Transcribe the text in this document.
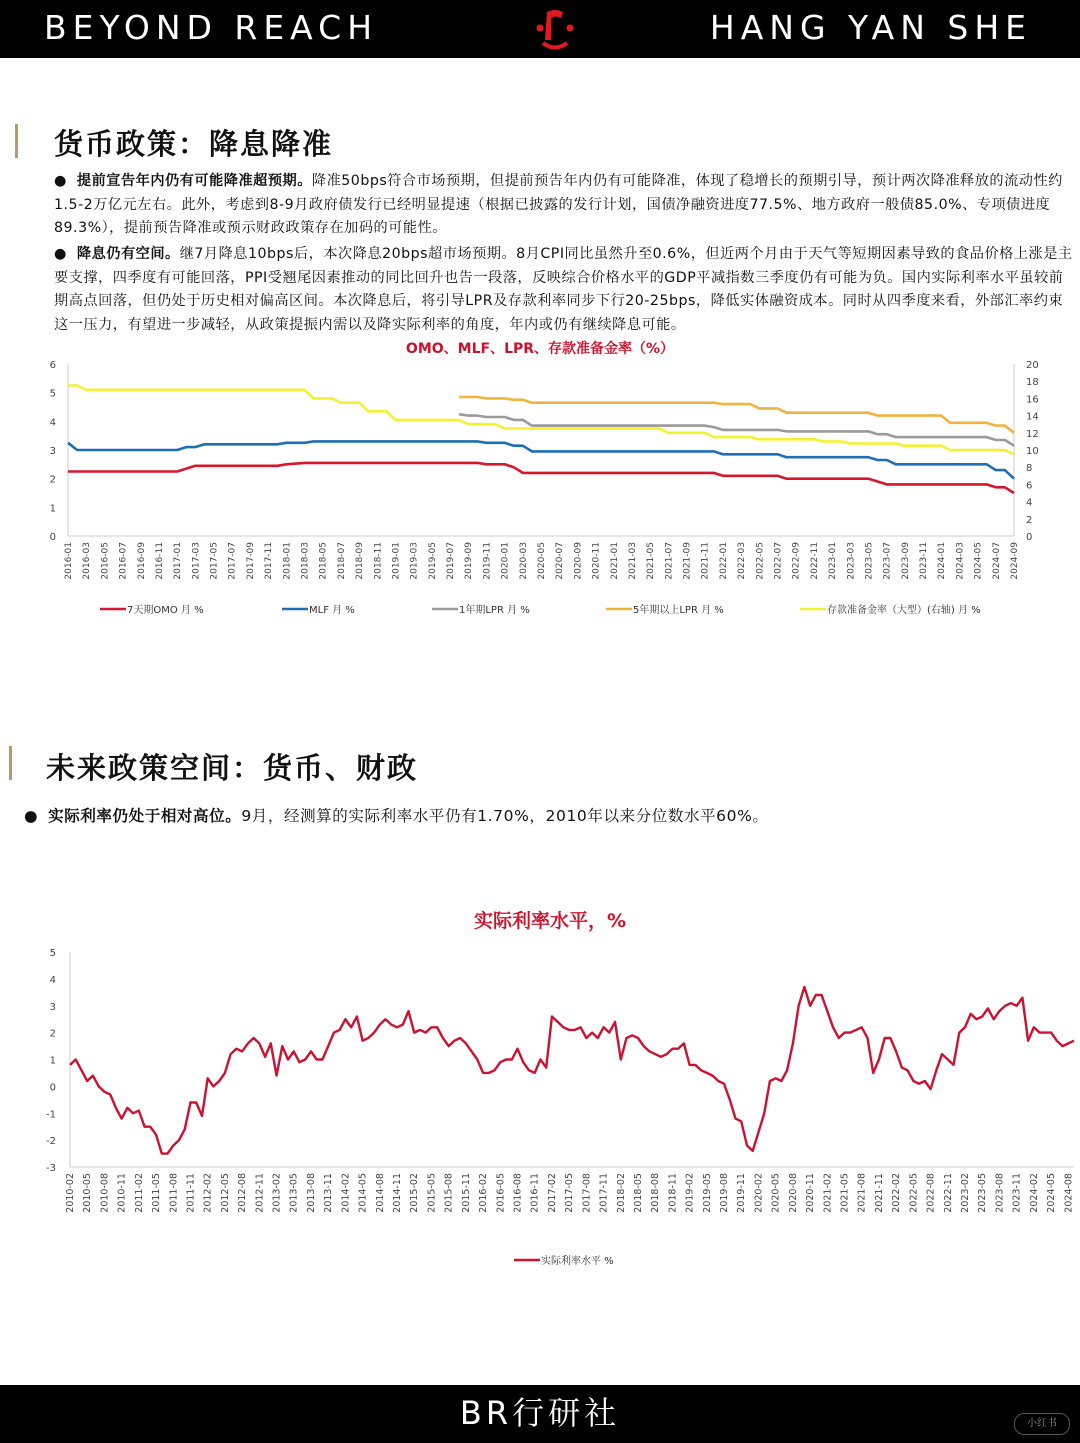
BEYOND REACH	HANG YAN SHE
货币政策：降息降准

● 提前宣告年内仍有可能降准超预期。降准50bps符合市场预期，但提前预告年内仍有可能降准，体现了稳增长的预期引导，预计两次降准释放的流动性约1.5-2万亿元左右。此外，考虑到8-9月政府债发行已经明显提速（根据已披露的发行计划，国债净融资进度77.5%、地方政府一般债85.0%、专项债进度89.3%），提前预告降准或预示财政政策存在加码的可能性。

● 降息仍有空间。继7月降息10bps后，本次降息20bps超市场预期。8月CPI同比虽然升至0.6%，但近两个月由于天气等短期因素导致的食品价格上涨是主要支撑，四季度有可能回落，PPI受翘尾因素推动的同比回升也告一段落，反映综合价格水平的GDP平减指数三季度仍有可能为负。国内实际利率水平虽较前期高点回落，但仍处于历史相对偏高区间。本次降息后，将引导LPR及存款利率同步下行20-25bps，降低实体融资成本。同时从四季度来看，外部汇率约束这一压力，有望进一步减轻，从政策提振内需以及降实际利率的角度，年内或仍有继续降息可能。

OMO、MLF、LPR、存款准备金率（%）
0
1
2
3
4
5
6
0
2
4
6
8
10
12
14
16
18
20
2016-01 2016-03 2016-05 2016-07 2016-09 2016-11 2017-01 2017-03 2017-05 2017-07 2017-09 2017-11 2018-01 2018-03 2018-05 2018-07 2018-09 2018-11 2019-01 2019-03 2019-05 2019-07 2019-09 2019-11 2020-01 2020-03 2020-05 2020-07 2020-09 2020-11 2021-01 2021-03 2021-05 2021-07 2021-09 2021-11 2022-01 2022-03 2022-05 2022-07 2022-09 2022-11 2023-01 2023-03 2023-05 2023-07 2023-09 2023-11 2024-01 2024-03 2024-05 2024-07 2024-09
7天期OMO 月 %	MLF 月 %	1年期LPR 月 %	5年期以上LPR 月 %	存款准备金率（大型）(右轴) 月 %
未来政策空间：货币、财政
● 实际利率仍处于相对高位。9月，经测算的实际利率水平仍有1.70%，2010年以来分位数水平60%。
实际利率水平，%
-3
-2
-1
0
1
2
3
4
5
2010-02 2010-05 2010-08 2010-11 2011-02 2011-05 2011-08 2011-11 2012-02 2012-05 2012-08 2012-11 2013-02 2013-05 2013-08 2013-11 2014-02 2014-05 2014-08 2014-11 2015-02 2015-05 2015-08 2015-11 2016-02 2016-05 2016-08 2016-11 2017-02 2017-05 2017-08 2017-11 2018-02 2018-05 2018-08 2018-11 2019-02 2019-05 2019-08 2019-11 2020-02 2020-05 2020-08 2020-11 2021-02 2021-05 2021-08 2021-11 2022-02 2022-05 2022-08 2022-11 2023-02 2023-05 2023-08 2023-11 2024-02 2024-05 2024-08
实际利率水平 %
BR行研社	小红书
